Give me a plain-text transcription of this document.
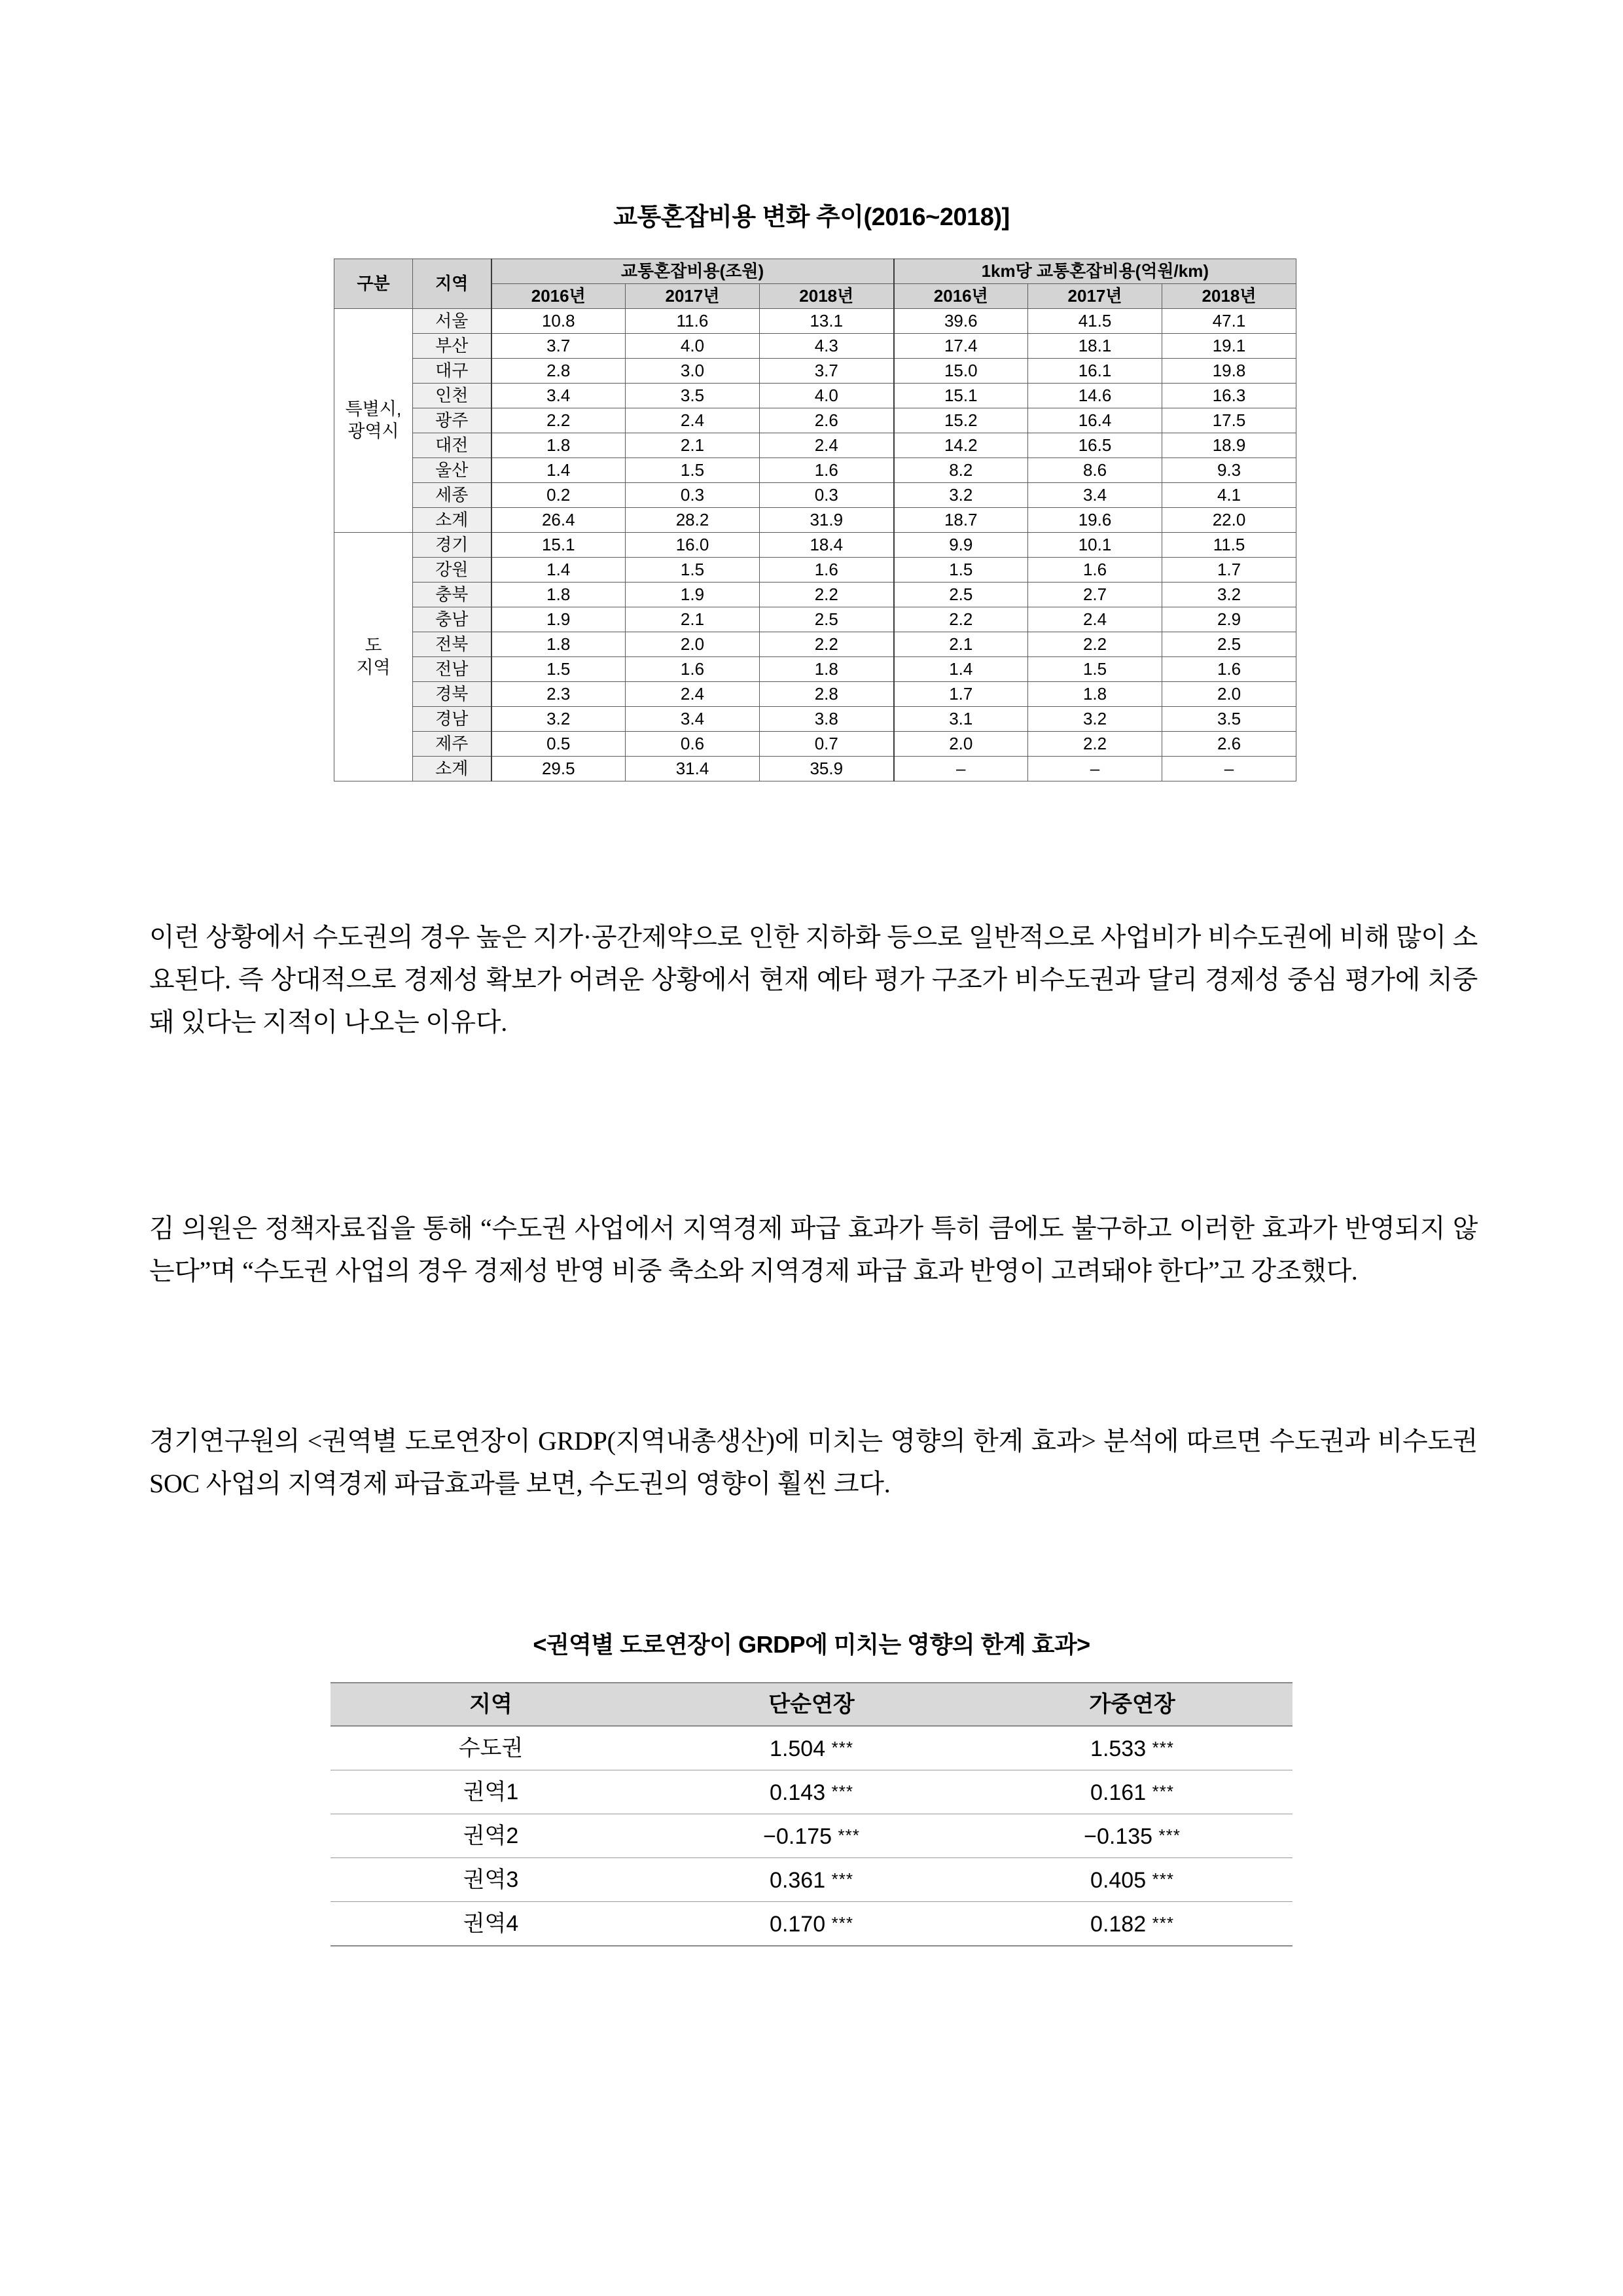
교통혼잡비용 변화 추이(2016~2018)]
구분	지역	교통혼잡비용(조원)			1km당 교통혼잡비용(억원/km)		
		2016년	2017년	2018년	2016년	2017년	2018년
특별시,
광역시	서울	10.8	11.6	13.1	39.6	41.5	47.1
	부산	3.7	4.0	4.3	17.4	18.1	19.1
	대구	2.8	3.0	3.7	15.0	16.1	19.8
	인천	3.4	3.5	4.0	15.1	14.6	16.3
	광주	2.2	2.4	2.6	15.2	16.4	17.5
	대전	1.8	2.1	2.4	14.2	16.5	18.9
	울산	1.4	1.5	1.6	8.2	8.6	9.3
	세종	0.2	0.3	0.3	3.2	3.4	4.1
	소계	26.4	28.2	31.9	18.7	19.6	22.0
도
지역	경기	15.1	16.0	18.4	9.9	10.1	11.5
	강원	1.4	1.5	1.6	1.5	1.6	1.7
	충북	1.8	1.9	2.2	2.5	2.7	3.2
	충남	1.9	2.1	2.5	2.2	2.4	2.9
	전북	1.8	2.0	2.2	2.1	2.2	2.5
	전남	1.5	1.6	1.8	1.4	1.5	1.6
	경북	2.3	2.4	2.8	1.7	1.8	2.0
	경남	3.2	3.4	3.8	3.1	3.2	3.5
	제주	0.5	0.6	0.7	2.0	2.2	2.6
	소계	29.5	31.4	35.9	–	–	–

이런 상황에서 수도권의 경우 높은 지가·공간제약으로 인한 지하화 등으로 일반적으로 사업비가 비수도권에 비해 많이 소요된다. 즉 상대적으로 경제성 확보가 어려운 상황에서 현재 예타 평가 구조가 비수도권과 달리 경제성 중심 평가에 치중돼 있다는 지적이 나오는 이유다.

김 의원은 정책자료집을 통해 “수도권 사업에서 지역경제 파급 효과가 특히 큼에도 불구하고 이러한 효과가 반영되지 않는다”며 “수도권 사업의 경우 경제성 반영 비중 축소와 지역경제 파급 효과 반영이 고려돼야 한다”고 강조했다.

경기연구원의 <권역별 도로연장이 GRDP(지역내총생산)에 미치는 영향의 한계 효과> 분석에 따르면 수도권과 비수도권 SOC 사업의 지역경제 파급효과를 보면, 수도권의 영향이 훨씬 크다.

<권역별 도로연장이 GRDP에 미치는 영향의 한계 효과>
지역	단순연장	가중연장
수도권	1.504 ***	1.533 ***
권역1	0.143 ***	0.161 ***
권역2	−0.175 ***	−0.135 ***
권역3	0.361 ***	0.405 ***
권역4	0.170 ***	0.182 ***
